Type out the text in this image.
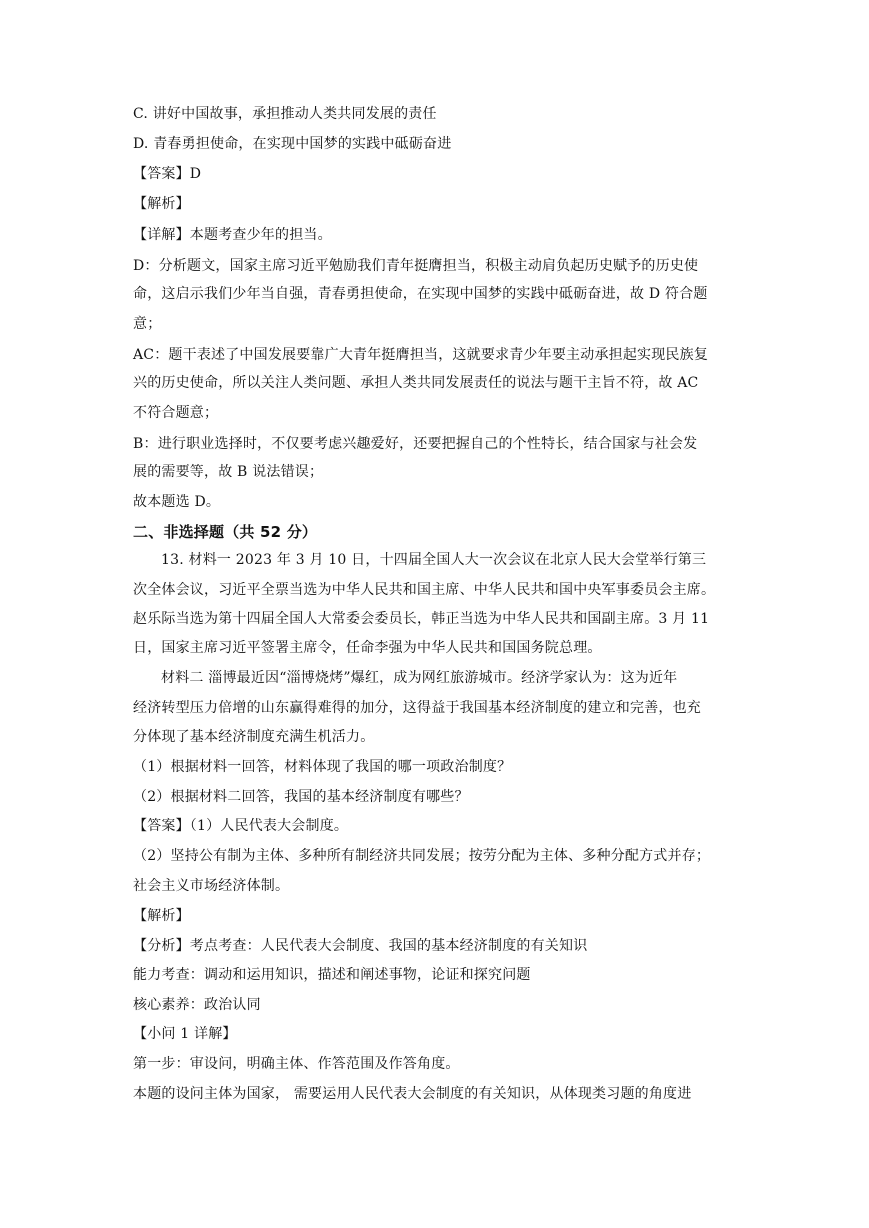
C. 讲好中国故事，承担推动人类共同发展的责任
D. 青春勇担使命，在实现中国梦的实践中砥砺奋进
【答案】D
【解析】
【详解】本题考查少年的担当。
D：分析题文，国家主席习近平勉励我们青年挺膺担当，积极主动肩负起历史赋予的历史使
命，这启示我们少年当自强，青春勇担使命，在实现中国梦的实践中砥砺奋进，故 D 符合题
意；
AC：题干表述了中国发展要靠广大青年挺膺担当，这就要求青少年要主动承担起实现民族复
兴的历史使命，所以关注人类问题、承担人类共同发展责任的说法与题干主旨不符，故 AC
不符合题意；
B：进行职业选择时，不仅要考虑兴趣爱好，还要把握自己的个性特长，结合国家与社会发
展的需要等，故 B 说法错误；
故本题选 D。
二、非选择题（共 52 分）
13. 材料一 2023 年 3 月 10 日，十四届全国人大一次会议在北京人民大会堂举行第三
次全体会议，习近平全票当选为中华人民共和国主席、中华人民共和国中央军事委员会主席。
赵乐际当选为第十四届全国人大常委会委员长，韩正当选为中华人民共和国副主席。3 月 11
日，国家主席习近平签署主席令，任命李强为中华人民共和国国务院总理。
材料二 淄博最近因“淄博烧烤”爆红，成为网红旅游城市。经济学家认为：这为近年
经济转型压力倍增的山东赢得难得的加分，这得益于我国基本经济制度的建立和完善，也充
分体现了基本经济制度充满生机活力。
（1）根据材料一回答，材料体现了我国的哪一项政治制度？
（2）根据材料二回答，我国的基本经济制度有哪些？
【答案】（1）人民代表大会制度。
（2）坚持公有制为主体、多种所有制经济共同发展；按劳分配为主体、多种分配方式并存；
社会主义市场经济体制。
【解析】
【分析】考点考查：人民代表大会制度、我国的基本经济制度的有关知识
能力考查：调动和运用知识，描述和阐述事物，论证和探究问题
核心素养：政治认同
【小问 1 详解】
第一步：审设问，明确主体、作答范围及作答角度。
本题的设问主体为国家， 需要运用人民代表大会制度的有关知识，从体现类习题的角度进
